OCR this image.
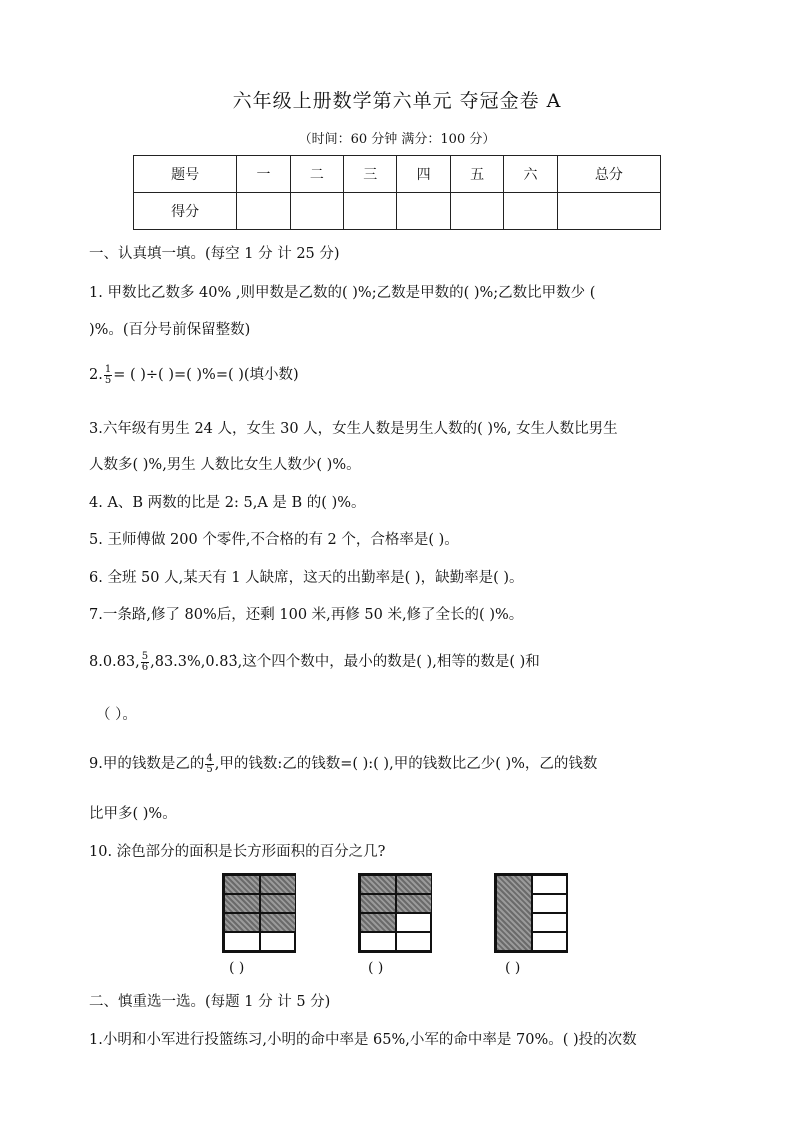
六年级上册数学第六单元 夺冠金卷 A
（时间：60 分钟 满分：100 分）
题号	一	二	三	四	五	六	总分
得分							
一、认真填一填。(每空 1 分 计 25 分)
1. 甲数比乙数多 40% ,则甲数是乙数的( )%;乙数是甲数的( )%;乙数比甲数少 (
)%。(百分号前保留整数)
2. $\frac{1}{5}$ = ( )÷( )=( )%=( )(填小数)
3.六年级有男生 24 人，女生 30 人，女生人数是男生人数的( )%, 女生人数比男生
人数多( )%,男生 人数比女生人数少( )%。
4. A、B 两数的比是 2: 5,A 是 B 的( )%。
5. 王师傅做 200 个零件,不合格的有 2 个，合格率是( )。
6. 全班 50 人,某天有 1 人缺席，这天的出勤率是( )，缺勤率是( )。
7.一条路,修了 80%后，还剩 100 米,再修 50 米,修了全长的( )%。
8.0.83, $\frac{5}{6}$ ,83.3%,0.83̇,这个四个数中，最小的数是( ),相等的数是( )和
（ ）。
9.甲的钱数是乙的 $\frac{4}{5}$ ,甲的钱数:乙的钱数=( ):( ),甲的钱数比乙少( )%，乙的钱数
比甲多( )%。
10. 涂色部分的面积是长方形面积的百分之几?
( )	( )	( )
二、慎重选一选。(每题 1 分 计 5 分)
1.小明和小军进行投篮练习,小明的命中率是 65%,小军的命中率是 70%。( )投的次数
